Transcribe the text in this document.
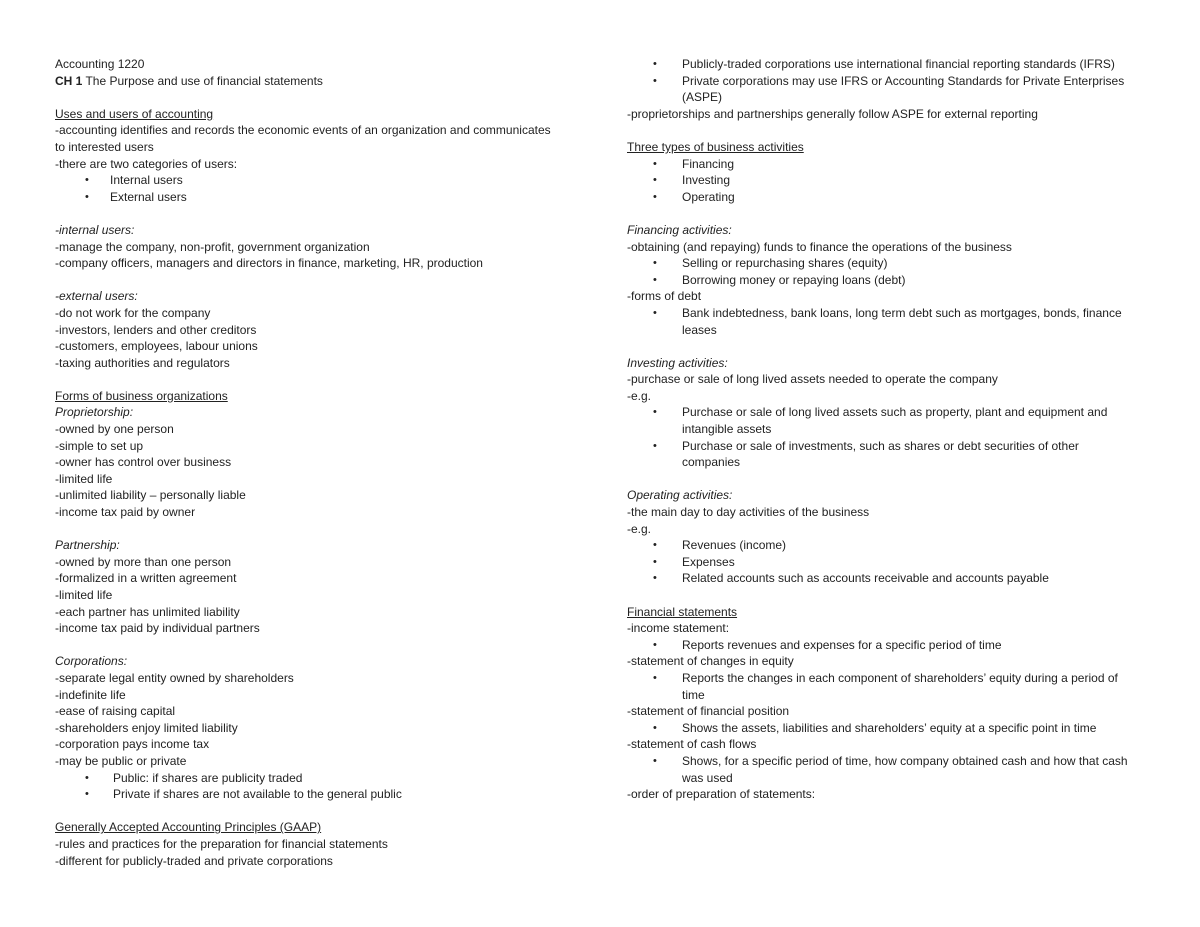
Accounting 1220
CH 1 The Purpose and use of financial statements
Uses and users of accounting
-accounting identifies and records the economic events of an organization and communicates
to interested users
-there are two categories of users:
• Internal users
• External users
-internal users:
-manage the company, non-profit, government organization
-company officers, managers and directors in finance, marketing, HR, production
-external users:
-do not work for the company
-investors, lenders and other creditors
-customers, employees, labour unions
-taxing authorities and regulators
Forms of business organizations
Proprietorship:
-owned by one person
-simple to set up
-owner has control over business
-limited life
-unlimited liability – personally liable
-income tax paid by owner
Partnership:
-owned by more than one person
-formalized in a written agreement
-limited life
-each partner has unlimited liability
-income tax paid by individual partners
Corporations:
-separate legal entity owned by shareholders
-indefinite life
-ease of raising capital
-shareholders enjoy limited liability
-corporation pays income tax
-may be public or private
• Public: if shares are publicity traded
• Private if shares are not available to the general public
Generally Accepted Accounting Principles (GAAP)
-rules and practices for the preparation for financial statements
-different for publicly-traded and private corporations
• Publicly-traded corporations use international financial reporting standards (IFRS)
• Private corporations may use IFRS or Accounting Standards for Private Enterprises
(ASPE)
-proprietorships and partnerships generally follow ASPE for external reporting
Three types of business activities
• Financing
• Investing
• Operating
Financing activities:
-obtaining (and repaying) funds to finance the operations of the business
• Selling or repurchasing shares (equity)
• Borrowing money or repaying loans (debt)
-forms of debt
• Bank indebtedness, bank loans, long term debt such as mortgages, bonds, finance
leases
Investing activities:
-purchase or sale of long lived assets needed to operate the company
-e.g.
• Purchase or sale of long lived assets such as property, plant and equipment and
intangible assets
• Purchase or sale of investments, such as shares or debt securities of other
companies
Operating activities:
-the main day to day activities of the business
-e.g.
• Revenues (income)
• Expenses
• Related accounts such as accounts receivable and accounts payable
Financial statements
-income statement:
• Reports revenues and expenses for a specific period of time
-statement of changes in equity
• Reports the changes in each component of shareholders’ equity during a period of
time
-statement of financial position
• Shows the assets, liabilities and shareholders’ equity at a specific point in time
-statement of cash flows
• Shows, for a specific period of time, how company obtained cash and how that cash
was used
-order of preparation of statements:
